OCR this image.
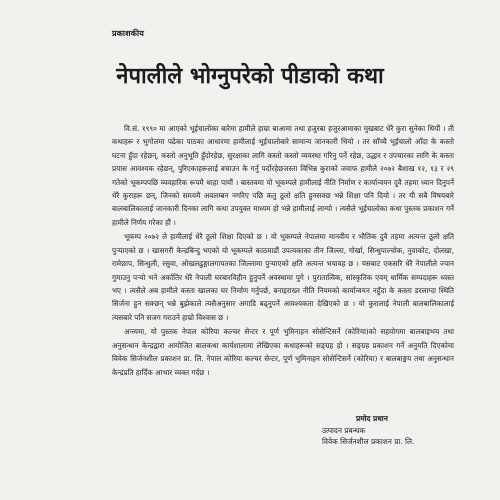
प्रकाशकीय
नेपालीले भोग्नुपरेको पीडाको कथा

वि.सं. १९९० मा आएको भूईचालोका बारेमा हामीले हाम्रा बाआमा तथा हजुरबा हजुरआमाका मुखबाट धेरै कुरा सुनेका थियौं । ती कथाहरू र भुगोलमा पढेका पाठका आधारमा हामीलाई भूईचालोबारे सामान्य जानकारी थियो । तर साँच्चै भूईचालो आँदा के कस्तो घटना हुँदा रहेछन्, कस्तो अनुभूति हुँदोरहेछ, सुरक्षाका लागि कस्तो कस्तो व्यवस्था गरिनु पर्ने रहेछ, उद्धार र उपचारका लागि के कस्ता प्रयास आवश्यक रहेछन्, पुरिएकाहरूलाई बचाउन के गर्नु पर्दोरहेछजस्ता विभिन्न कुराको जवाफ हामीले २०७२ बैशाख १२, १३ र २९ गतेको भूकम्पपछि व्यवहारिक रूपमै थाहा पायौं । बास्तवमा यो भूकम्पले हामीलाई नीति निर्माण र कार्यान्वयन दुवै तहमा ध्यान दिनुपर्ने धेरै कुराहरू छन्, जिनको समयमै अवलम्बन नगरिए पछि कतु ठूलो क्षति हुनसक्छ भन्ने शिक्षा पनि दियो । तर यी सबै विषयबारे बालबालिकालाई जानकारी दिनका लागि कथा उपयुक्त माध्यम हो भन्ने हामीलाई लाग्यो । त्यसैले भूईचालोका कथा पुस्तक प्रकाशन गर्ने हामीले निर्णय गरेका हौं ।

भूकम्प २०७२ ले हामीलाई धेरै ठूलो शिक्षा दिएको छ । यो भूकम्पले नेपालमा मानवीय र भौतिक दुवै तहमा अत्यन्त ठूलो क्षति पुऱ्याएको छ । खासगरी केन्द्रबिन्दु भएको यो भूकम्पले काठमाडौं उपत्यकाका तीन जिल्ला, गोर्खा, सिन्धुपाल्चोक, नुवाकोट, दोलखा, रामेछाप, सिन्धुली, रसुवा, ओखलढुङ्गालगायतका जिल्लामा पुऱ्याएको क्षति अत्यन्त भयावह छ । यसबाट एकसरि धेरै नेपालीले ज्यान गुमाउनु पऱ्यो भने अर्कातिर धेरै नेपाली घरबारविहीन हुनुपर्ने अवस्थामा पुगे । पुरातात्विक, सांस्कृतिक एवम् धार्मिक सम्पदाहरू ध्वस्त भए । त्यसैले अब हामीले कस्ता खालका घर निर्माण गर्नुपर्छ, बनाइराख्न नीति नियमको कार्यान्वयन नहुँदा के कस्ता डरलाग्दा स्थिति सिर्जना हुन सक्छन् भन्ने बुझेकाले त्यसैअनुसार अगाडि बढ्नुपर्ने आवश्यकता देखिएको छ । यो कुरालाई नेपाली बालबालिकालाई त्यसबारे पनि सजग गराउने हाम्रो विश्वास छ ।

अन्त्यमा, यो पुस्तक नेपाल कोरिया कल्चर सेन्टर र पूर्ण भुमिनाहन सोसेन्टिसर्ने (कोरिया)को सहयोगमा बालबाइभय तथा अनुसन्धान केन्द्रद्वारा आयोजित बालकथा कार्यशालामा लेखिएका कथाहरूको सङ्ग्रह हो । सङ्ग्रह प्रकाशन गर्ने अनुमति दिएकोमा विवेक सिर्जनशील प्रकाशन प्रा. लि. नेपाल कोरिया कल्चर सेन्टर, पूर्ण भुमिनाहन सोसेन्टिसर्ने (कोरिया) र बालबाङ्मय तथा अनुसन्धान केन्द्रप्रति हार्दिक आभार व्यक्त गर्दछ ।

प्रमोद प्रधान
उत्पादन प्रबन्धक
विवेक सिर्जनशील प्रकाशन प्रा. लि.
